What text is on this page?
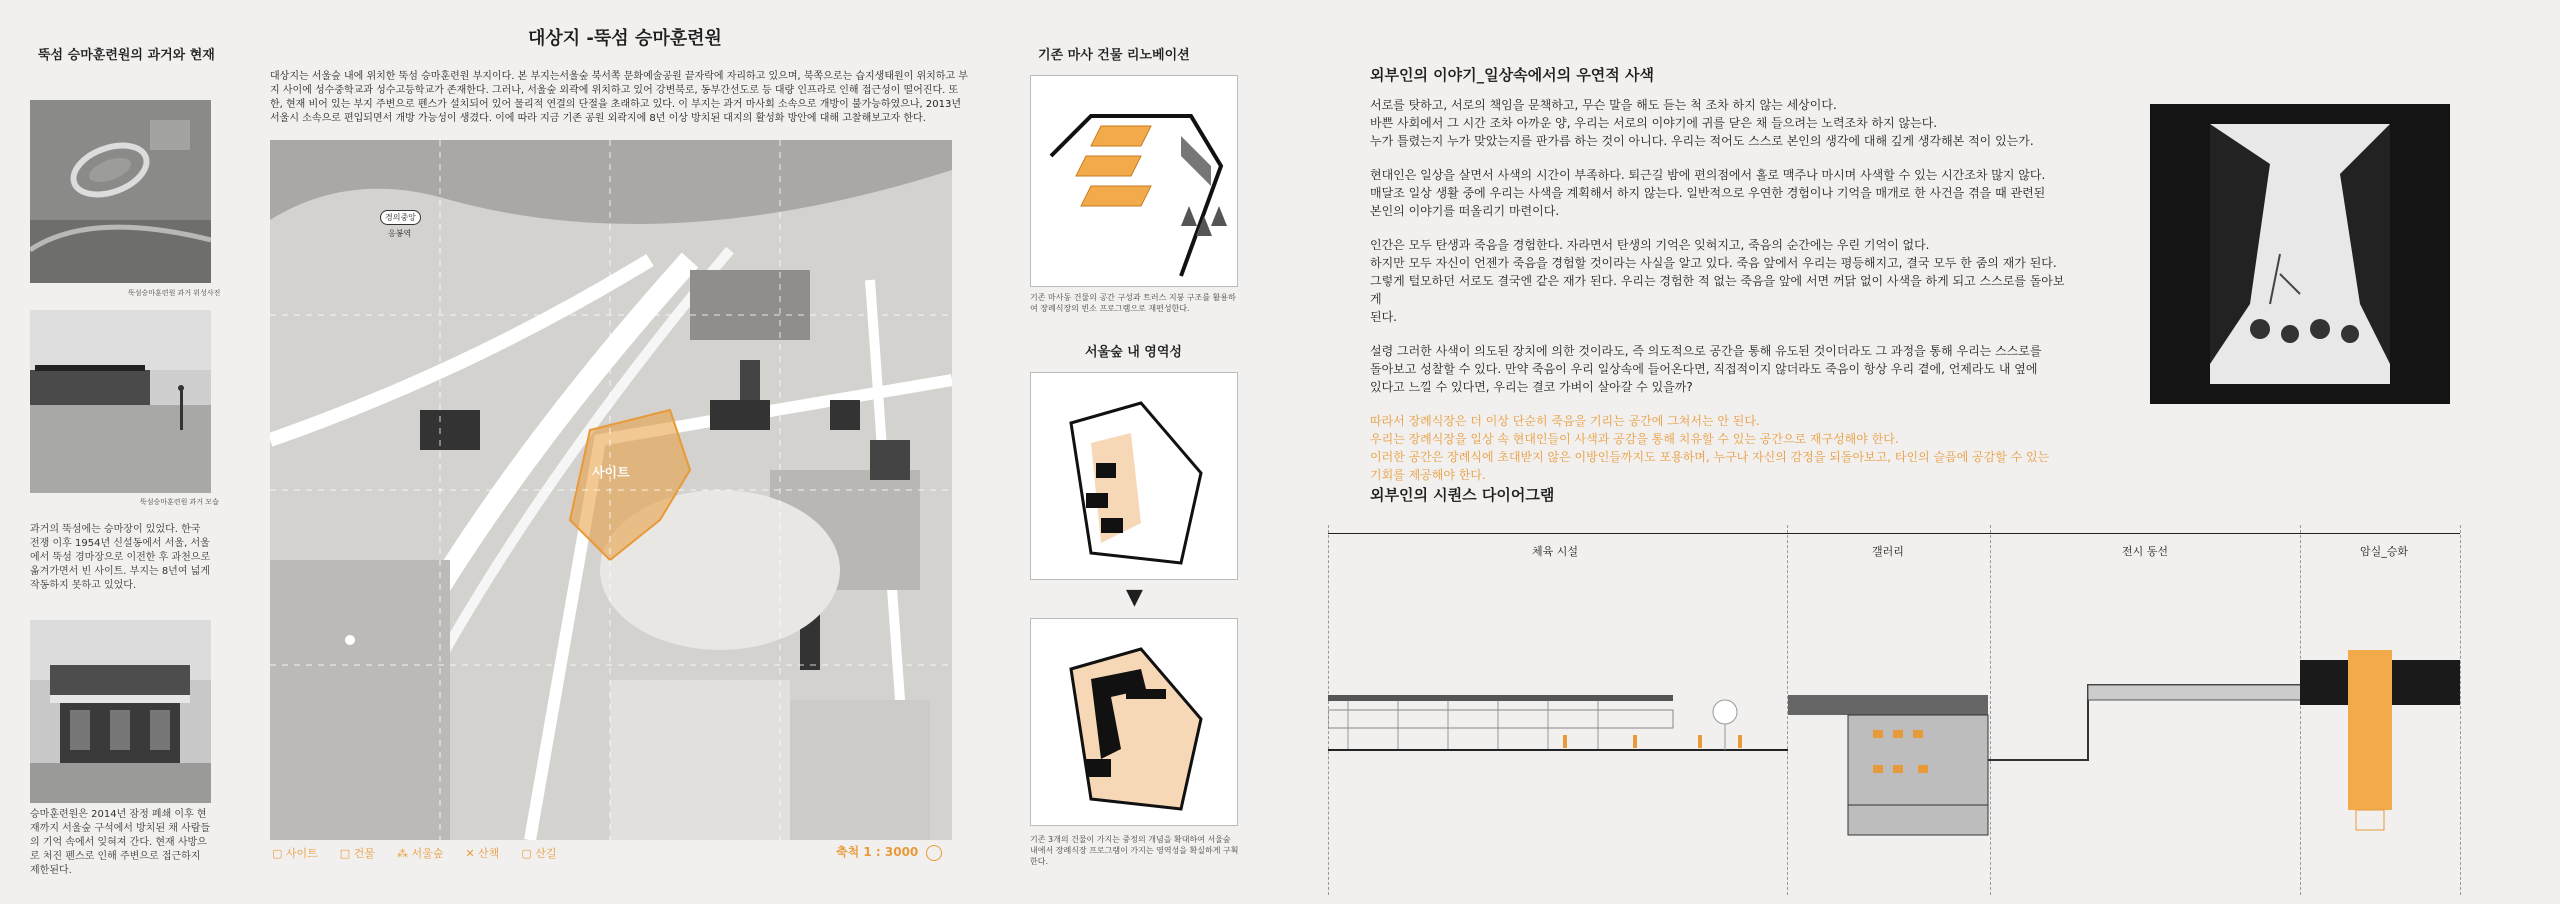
뚝섬 승마훈련원의 과거와 현재
뚝섬승마훈련원 과거 위성사진
뚝섬승마훈련원 과거 모습
과거의 뚝섬에는 승마장이 있었다. 한국 전쟁 이후 1954년 신설동에서 서울, 서울에서 뚝섬 경마장으로 이전한 후 과천으로 옮겨가면서 빈 사이트. 부지는 8년여 넓게 작동하지 못하고 있었다.
승마훈련원은 2014년 잠정 폐쇄 이후 현재까지 서울숲 구석에서 방치된 채 사람들의 기억 속에서 잊혀져 간다. 현재 사방으로 처진 펜스로 인해 주변으로 접근하지 제한된다.
대상지 -뚝섬 승마훈련원
대상지는 서울숲 내에 위치한 뚝섬 승마훈련원 부지이다. 본 부지는서울숲 북서쪽 문화예술공원 끝자락에 자리하고 있으며, 북쪽으로는 습지생태원이 위치하고 부지 사이에 성수중학교과 성수고등학교가 존재한다. 그러나, 서울숲 외곽에 위치하고 있어 강변북로, 동부간선도로 등 대량 인프라로 인해 접근성이 떨어진다. 또한, 현재 비어 있는 부지 주변으로 펜스가 설치되어 있어 물리적 연결의 단절을 초래하고 있다. 이 부지는 과거 마사회 소속으로 개방이 불가능하였으나, 2013년 서울시 소속으로 편입되면서 개방 가능성이 생겼다. 이에 따라 지금 기존 공원 외곽지에 8년 이상 방치된 대지의 활성화 방안에 대해 고찰해보고자 한다.
경의중앙
응봉역
사이트
▢ 사이트 □ 건물 ⁂ 서울숲 ✕ 산책 ▢ 산길	축척 1 : 3000
기존 마사 건물 리노베이션
기존 마사동 건물의 공간 구성과 트러스 지붕 구조를 활용하여 장례식장의 빈소 프로그램으로 재편성한다.
서울숲 내 영역성
▼
기존 3개의 건물이 가지는 중정의 개념을 확대하여 서울숲 내에서 장례식장 프로그램이 가지는 영역성을 확실하게 구획한다.
외부인의 이야기_일상속에서의 우연적 사색

서로를 탓하고, 서로의 책임을 문책하고, 무슨 말을 해도 듣는 척 조차 하지 않는 세상이다.

바쁜 사회에서 그 시간 조차 아까운 양, 우리는 서로의 이야기에 귀를 닫은 채 들으려는 노력조차 하지 않는다.

누가 틀렸는지 누가 맞았는지를 판가름 하는 것이 아니다. 우리는 적어도 스스로 본인의 생각에 대해 깊게 생각해본 적이 있는가.

현대인은 일상을 살면서 사색의 시간이 부족하다. 퇴근길 밤에 편의점에서 홀로 맥주나 마시며 사색할 수 있는 시간조차 많지 않다.

매달조 일상 생활 중에 우리는 사색을 계획해서 하지 않는다. 일반적으로 우연한 경험이나 기억을 매개로 한 사건을 겪을 때 관련된

본인의 이야기를 떠올리기 마련이다.

인간은 모두 탄생과 죽음을 경험한다. 자라면서 탄생의 기억은 잊혀지고, 죽음의 순간에는 우린 기억이 없다.

하지만 모두 자신이 언젠가 죽음을 경험할 것이라는 사실을 알고 있다. 죽음 앞에서 우리는 평등해지고, 결국 모두 한 줌의 재가 된다.

그렇게 털모하던 서로도 결국엔 같은 재가 된다. 우리는 경험한 적 없는 죽음을 앞에 서면 꺼닭 없이 사색을 하게 되고 스스로를 돌아보게

된다.

설령 그러한 사색이 의도된 장치에 의한 것이라도, 즉 의도적으로 공간을 통해 유도된 것이더라도 그 과정을 통해 우리는 스스로를

돌아보고 성찰할 수 있다. 만약 죽음이 우리 일상속에 들어온다면, 직접적이지 않더라도 죽음이 항상 우리 곁에, 언제라도 내 옆에

있다고 느낄 수 있다면, 우리는 결코 가벼이 살아갈 수 있을까?

따라서 장례식장은 더 이상 단순히 죽음을 기리는 공간에 그쳐서는 안 된다.

우리는 장례식장을 일상 속 현대인들이 사색과 공감을 통해 치유할 수 있는 공간으로 재구성해야 한다.

이러한 공간은 장례식에 초대받지 않은 이방인들까지도 포용하며, 누구나 자신의 감정을 되돌아보고, 타인의 슬픔에 공감할 수 있는

기회를 제공해야 한다.

외부인의 시퀀스 다이어그램
체육 시설	갤러리	전시 동선	암실_승화
